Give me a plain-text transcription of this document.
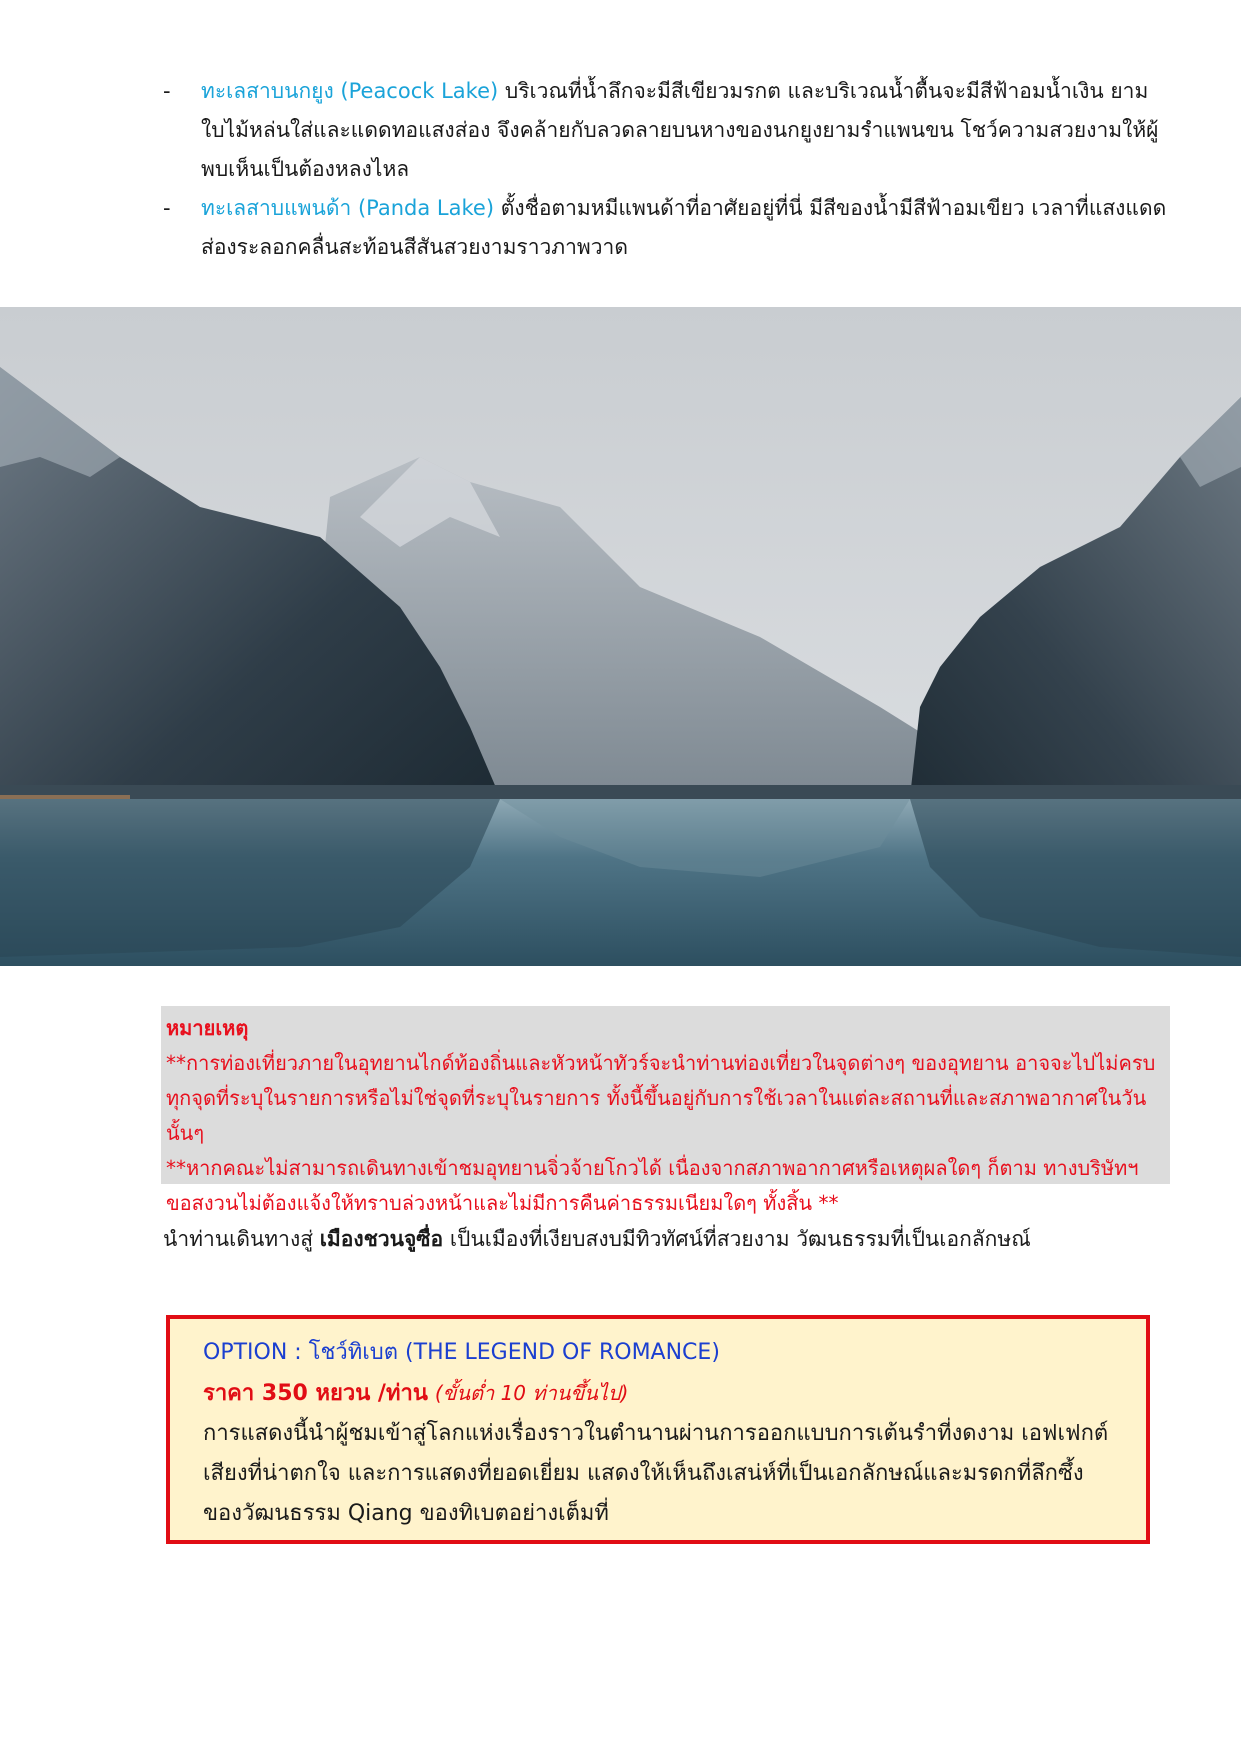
- ทะเลสาบนกยูง (Peacock Lake) บริเวณที่น้ำลึกจะมีสีเขียวมรกต และบริเวณน้ำตื้นจะมีสีฟ้าอมน้ำเงิน ยามใบไม้หล่นใส่และแดดทอแสงส่อง จึงคล้ายกับลวดลายบนหางของนกยูงยามรำแพนขน โชว์ความสวยงามให้ผู้พบเห็นเป็นต้องหลงไหล
- ทะเลสาบแพนด้า (Panda Lake) ตั้งชื่อตามหมีแพนด้าที่อาศัยอยู่ที่นี่ มีสีของน้ำมีสีฟ้าอมเขียว เวลาที่แสงแดดส่องระลอกคลื่นสะท้อนสีสันสวยงามราวภาพวาด
หมายเหตุ
**การท่องเที่ยวภายในอุทยานไกด์ท้องถิ่นและหัวหน้าทัวร์จะนำท่านท่องเที่ยวในจุดต่างๆ ของอุทยาน อาจจะไปไม่ครบทุกจุดที่ระบุในรายการหรือไม่ใช่จุดที่ระบุในรายการ ทั้งนี้ขึ้นอยู่กับการใช้เวลาในแต่ละสถานที่และสภาพอากาศในวันนั้นๆ
**หากคณะไม่สามารถเดินทางเข้าชมอุทยานจิ่วจ้ายโกวได้ เนื่องจากสภาพอากาศหรือเหตุผลใดๆ ก็ตาม ทางบริษัทฯ ขอสงวนไม่ต้องแจ้งให้ทราบล่วงหน้าและไม่มีการคืนค่าธรรมเนียมใดๆ ทั้งสิ้น **
นำท่านเดินทางสู่ เมืองชวนจูซื่อ เป็นเมืองที่เงียบสงบมีทิวทัศน์ที่สวยงาม วัฒนธรรมที่เป็นเอกลักษณ์
OPTION : โชว์ทิเบต (THE LEGEND OF ROMANCE)
ราคา 350 หยวน /ท่าน (ขั้นต่ำ 10 ท่านขึ้นไป)
การแสดงนี้นำผู้ชมเข้าสู่โลกแห่งเรื่องราวในตำนานผ่านการออกแบบการเต้นรำที่งดงาม เอฟเฟกต์เสียงที่น่าตกใจ และการแสดงที่ยอดเยี่ยม แสดงให้เห็นถึงเสน่ห์ที่เป็นเอกลักษณ์และมรดกที่ลึกซึ้งของวัฒนธรรม Qiang ของทิเบตอย่างเต็มที่
